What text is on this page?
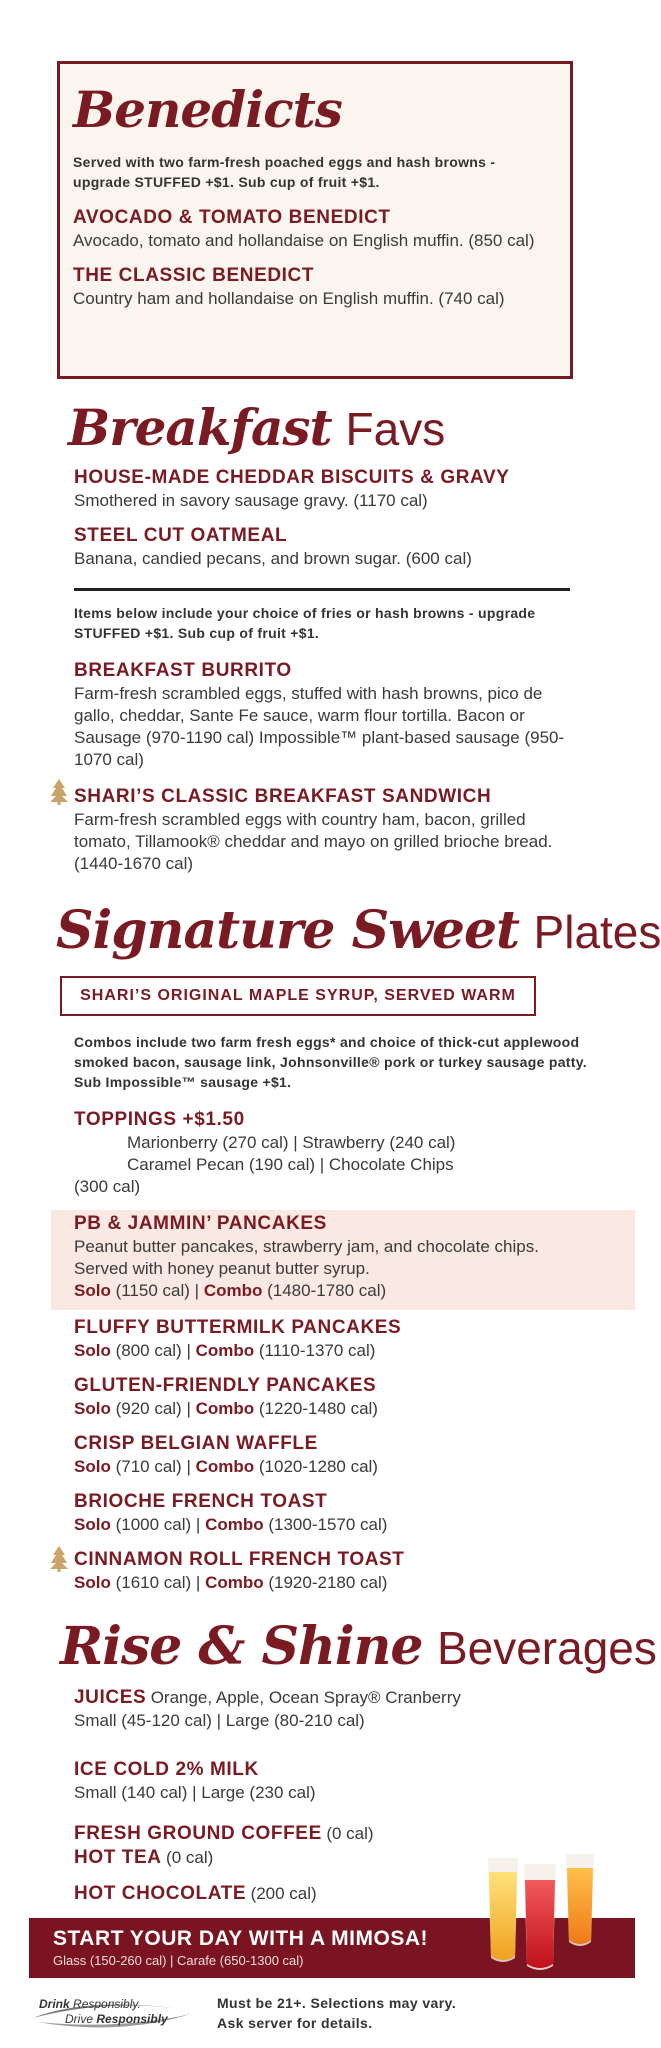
Benedicts
Served with two farm-fresh poached eggs and hash browns - upgrade STUFFED +$1. Sub cup of fruit +$1.
AVOCADO & TOMATO BENEDICT
Avocado, tomato and hollandaise on English muffin. (850 cal)
THE CLASSIC BENEDICT
Country ham and hollandaise on English muffin. (740 cal)
Breakfast Favs
HOUSE-MADE CHEDDAR BISCUITS & GRAVY
Smothered in savory sausage gravy. (1170 cal)
STEEL CUT OATMEAL
Banana, candied pecans, and brown sugar. (600 cal)
Items below include your choice of fries or hash browns - upgrade STUFFED +$1. Sub cup of fruit +$1.
BREAKFAST BURRITO
Farm-fresh scrambled eggs, stuffed with hash browns, pico de gallo, cheddar, Sante Fe sauce, warm flour tortilla. Bacon or Sausage (970-1190 cal) Impossible™ plant-based sausage (950-1070 cal)
SHARI’S CLASSIC BREAKFAST SANDWICH
Farm-fresh scrambled eggs with country ham, bacon, grilled tomato, Tillamook® cheddar and mayo on grilled brioche bread. (1440-1670 cal)
Signature Sweet Plates
SHARI’S ORIGINAL MAPLE SYRUP, SERVED WARM
Combos include two farm fresh eggs* and choice of thick-cut applewood smoked bacon, sausage link, Johnsonville® pork or turkey sausage patty. Sub Impossible™ sausage +$1.
TOPPINGS +$1.50
Marionberry (270 cal) | Strawberry (240 cal)
Caramel Pecan (190 cal) | Chocolate Chips
(300 cal)
PB & JAMMIN’ PANCAKES
Peanut butter pancakes, strawberry jam, and chocolate chips. Served with honey peanut butter syrup.
Solo (1150 cal) | Combo (1480-1780 cal)
FLUFFY BUTTERMILK PANCAKES
Solo (800 cal) | Combo (1110-1370 cal)
GLUTEN-FRIENDLY PANCAKES
Solo (920 cal) | Combo (1220-1480 cal)
CRISP BELGIAN WAFFLE
Solo (710 cal) | Combo (1020-1280 cal)
BRIOCHE FRENCH TOAST
Solo (1000 cal) | Combo (1300-1570 cal)
CINNAMON ROLL FRENCH TOAST
Solo (1610 cal) | Combo (1920-2180 cal)
Rise & Shine Beverages
JUICES Orange, Apple, Ocean Spray® Cranberry
Small (45-120 cal) | Large (80-210 cal)
ICE COLD 2% MILK
Small (140 cal) | Large (230 cal)
FRESH GROUND COFFEE (0 cal)
HOT TEA (0 cal)
HOT CHOCOLATE (200 cal)
START YOUR DAY WITH A MIMOSA!
Glass (150-260 cal) | Carafe (650-1300 cal)
Drink Responsibly.
Drive Responsibly
Must be 21+. Selections may vary.
Ask server for details.
